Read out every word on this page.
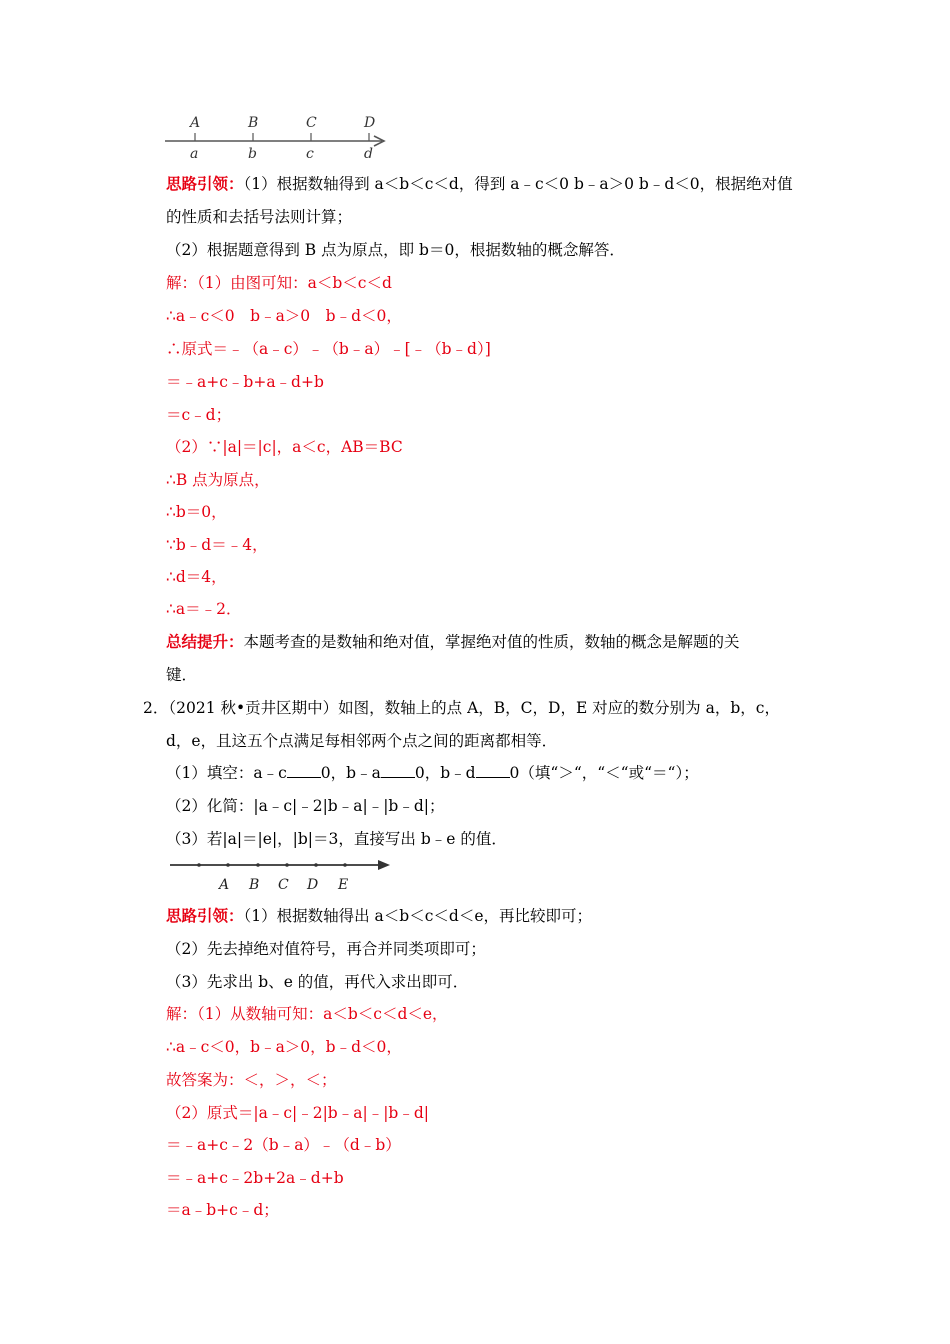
A	B	C	D
a	b	c	d
思路引领：（1）根据数轴得到 a＜b＜c＜d，得到 a﹣c＜0 b﹣a＞0 b﹣d＜0，根据绝对值
的性质和去括号法则计算；
（2）根据题意得到 B 点为原点，即 b＝0，根据数轴的概念解答．
解：（1）由图可知：a＜b＜c＜d
∴a﹣c＜0　b﹣a＞0　b﹣d＜0，
∴原式＝﹣（a﹣c）﹣（b﹣a）﹣[﹣（b﹣d）]
＝﹣a+c﹣b+a﹣d+b
＝c﹣d；
（2）∵|a|＝|c|，a＜c，AB＝BC
∴B 点为原点，
∴b＝0，
∵b﹣d＝﹣4，
∴d＝4，
∴a＝﹣2．
总结提升：本题考查的是数轴和绝对值，掌握绝对值的性质，数轴的概念是解题的关
键．
2．（2021 秋•贡井区期中）如图，数轴上的点 A，B，C，D，E 对应的数分别为 a，b，c，
d，e，且这五个点满足每相邻两个点之间的距离都相等．
（1）填空：a﹣c 0，b﹣a 0，b﹣d 0（填“＞“，“＜“或“＝“）；
（2）化简：|a﹣c|﹣2|b﹣a|﹣|b﹣d|；
（3）若|a|＝|e|，|b|＝3，直接写出 b﹣e 的值．
A B C D E
思路引领：（1）根据数轴得出 a＜b＜c＜d＜e，再比较即可；
（2）先去掉绝对值符号，再合并同类项即可；
（3）先求出 b、e 的值，再代入求出即可．
解：（1）从数轴可知：a＜b＜c＜d＜e，
∴a﹣c＜0，b﹣a＞0，b﹣d＜0，
故答案为：＜，＞，＜；
（2）原式＝|a﹣c|﹣2|b﹣a|﹣|b﹣d|
＝﹣a+c﹣2（b﹣a）﹣（d﹣b）
＝﹣a+c﹣2b+2a﹣d+b
＝a﹣b+c﹣d；
